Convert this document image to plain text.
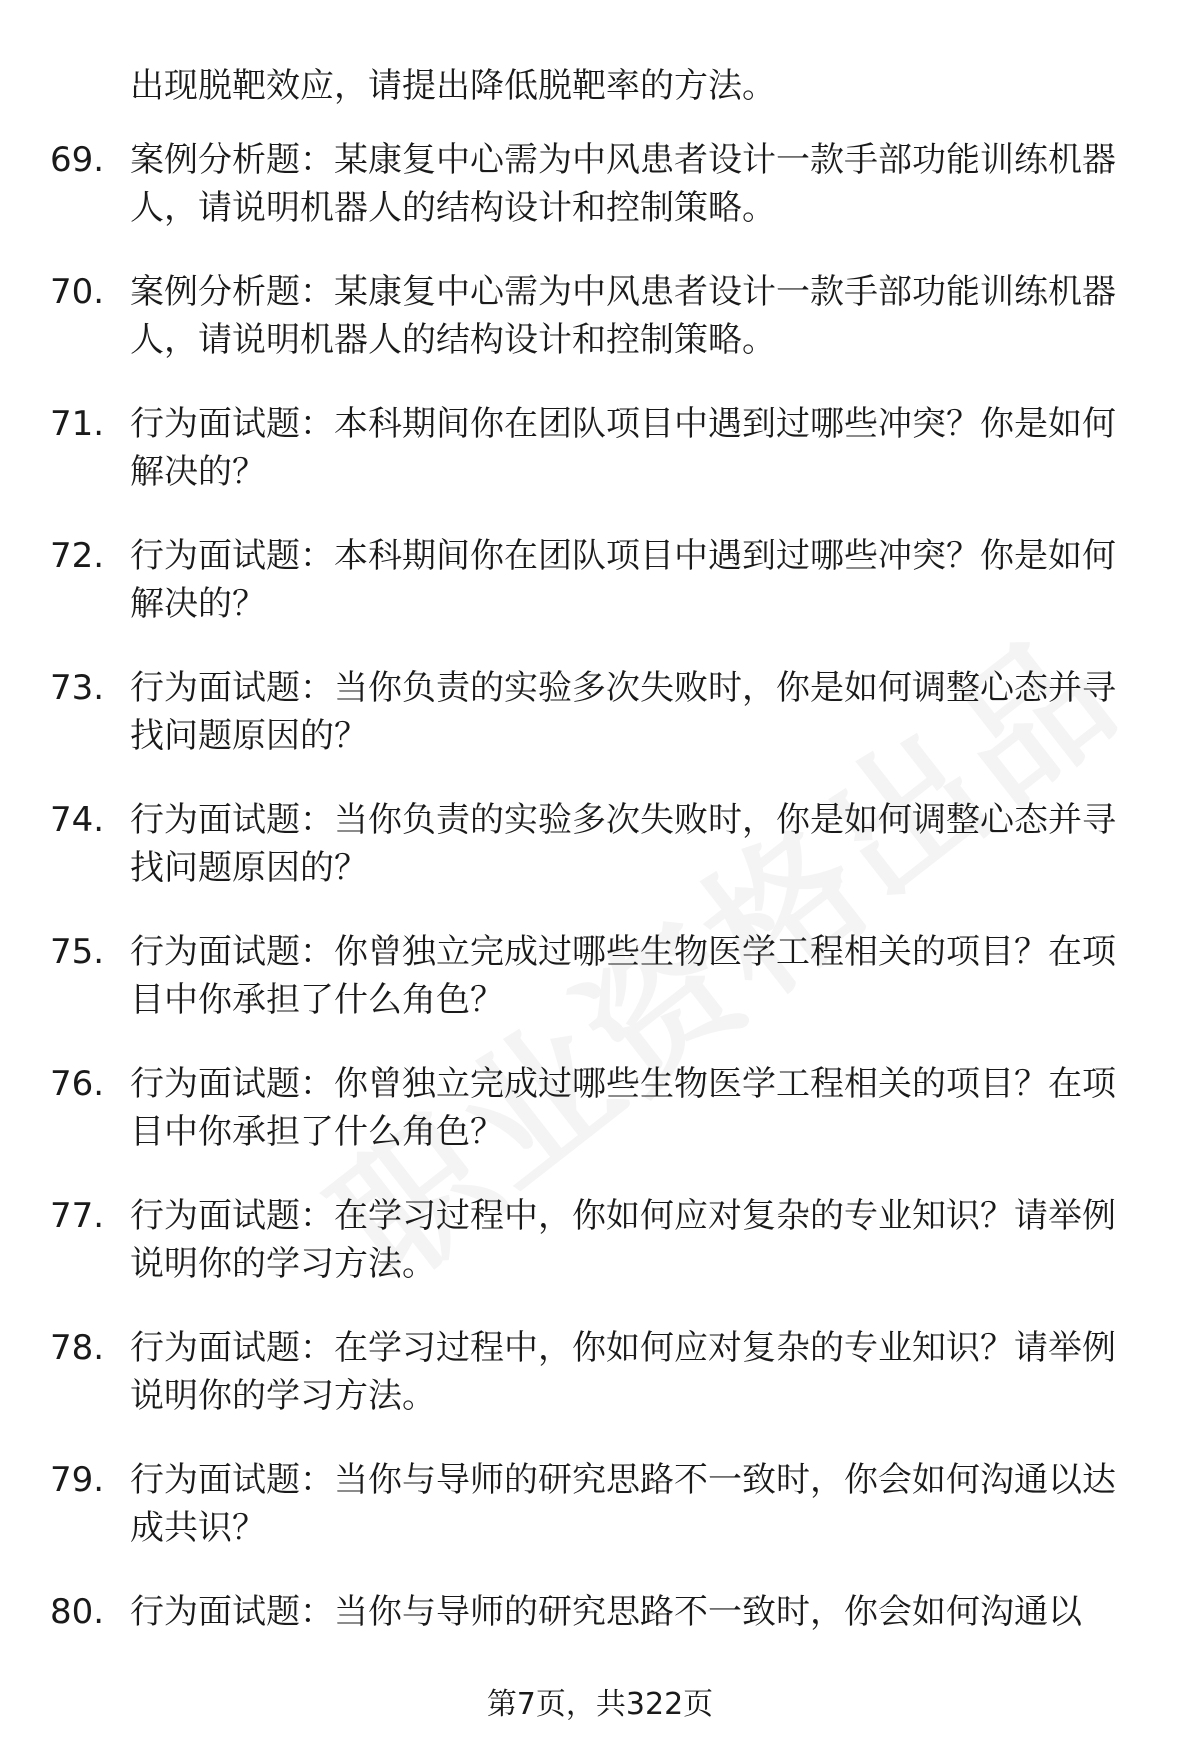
出现脱靶效应，请提出降低脱靶率的方法。
69. 案例分析题：某康复中心需为中风患者设计一款手部功能训练机器人，请说明机器人的结构设计和控制策略。
70. 案例分析题：某康复中心需为中风患者设计一款手部功能训练机器人，请说明机器人的结构设计和控制策略。
71. 行为面试题：本科期间你在团队项目中遇到过哪些冲突？你是如何解决的？
72. 行为面试题：本科期间你在团队项目中遇到过哪些冲突？你是如何解决的？
73. 行为面试题：当你负责的实验多次失败时，你是如何调整心态并寻找问题原因的？
74. 行为面试题：当你负责的实验多次失败时，你是如何调整心态并寻找问题原因的？
75. 行为面试题：你曾独立完成过哪些生物医学工程相关的项目？在项目中你承担了什么角色？
76. 行为面试题：你曾独立完成过哪些生物医学工程相关的项目？在项目中你承担了什么角色？
77. 行为面试题：在学习过程中，你如何应对复杂的专业知识？请举例说明你的学习方法。
78. 行为面试题：在学习过程中，你如何应对复杂的专业知识？请举例说明你的学习方法。
79. 行为面试题：当你与导师的研究思路不一致时，你会如何沟通以达成共识？
80. 行为面试题：当你与导师的研究思路不一致时，你会如何沟通以
第7页，共322页
